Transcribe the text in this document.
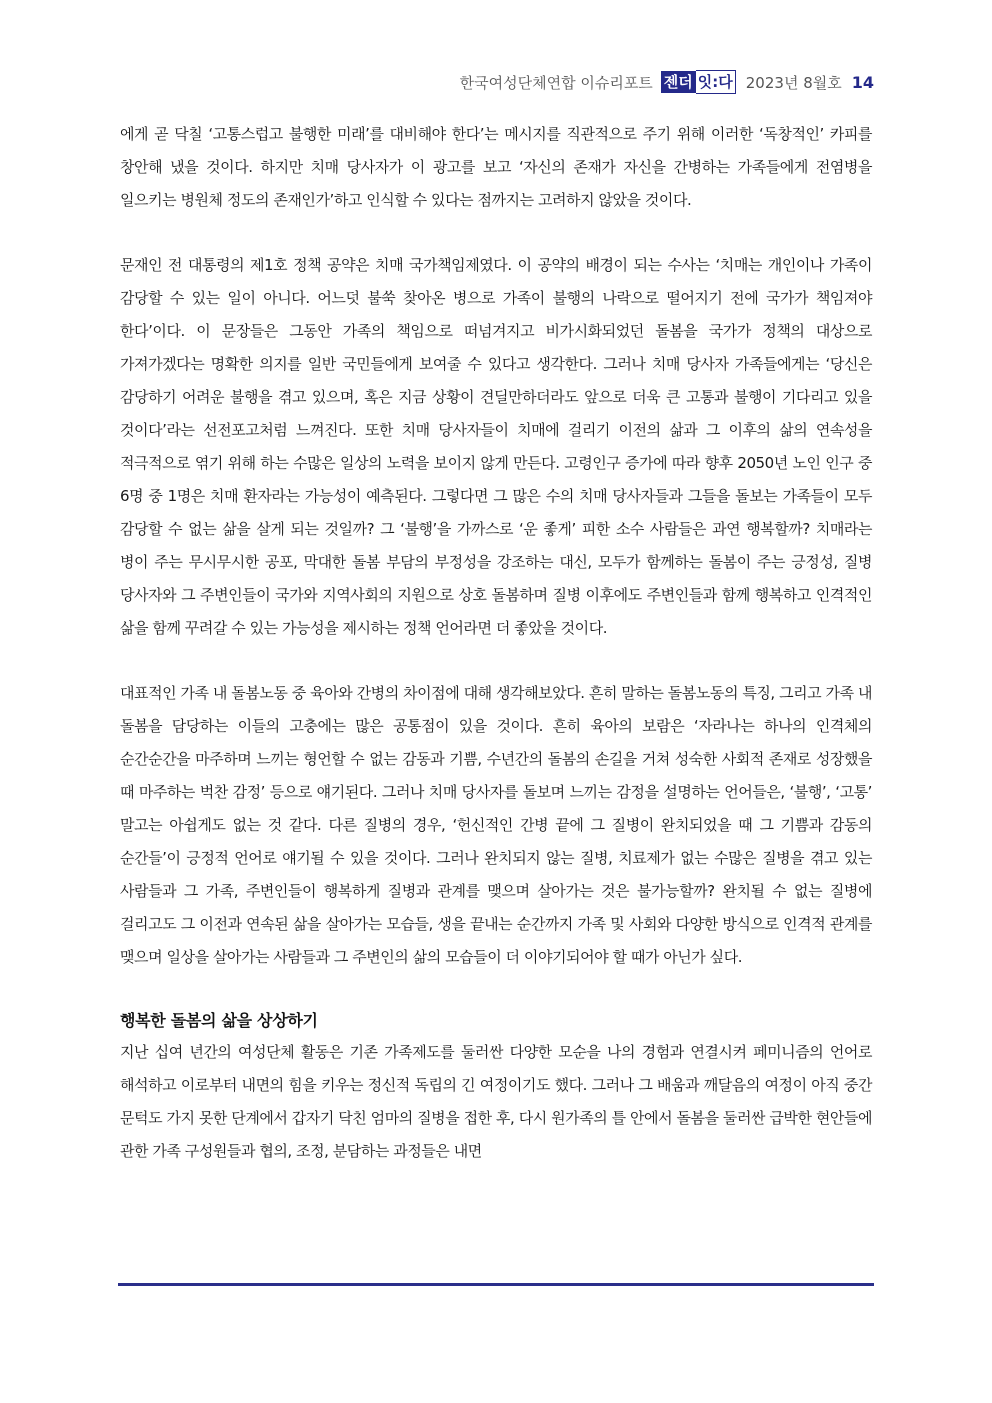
한국여성단체연합 이슈리포트 젠더 잇:다 2023년 8월호 14

에게 곧 닥칠 ‘고통스럽고 불행한 미래’를 대비해야 한다’는 메시지를 직관적으로 주기 위해 이러한 ‘독창적인’ 카피를 창안해 냈을 것이다. 하지만 치매 당사자가 이 광고를 보고 ‘자신의 존재가 자신을 간병하는 가족들에게 전염병을 일으키는 병원체 정도의 존재인가’하고 인식할 수 있다는 점까지는 고려하지 않았을 것이다.

문재인 전 대통령의 제1호 정책 공약은 치매 국가책임제였다. 이 공약의 배경이 되는 수사는 ‘치매는 개인이나 가족이 감당할 수 있는 일이 아니다. 어느덧 불쑥 찾아온 병으로 가족이 불행의 나락으로 떨어지기 전에 국가가 책임져야 한다’이다. 이 문장들은 그동안 가족의 책임으로 떠넘겨지고 비가시화되었던 돌봄을 국가가 정책의 대상으로 가져가겠다는 명확한 의지를 일반 국민들에게 보여줄 수 있다고 생각한다. 그러나 치매 당사자 가족들에게는 ‘당신은 감당하기 어려운 불행을 겪고 있으며, 혹은 지금 상황이 견딜만하더라도 앞으로 더욱 큰 고통과 불행이 기다리고 있을 것이다’라는 선전포고처럼 느껴진다. 또한 치매 당사자들이 치매에 걸리기 이전의 삶과 그 이후의 삶의 연속성을 적극적으로 엮기 위해 하는 수많은 일상의 노력을 보이지 않게 만든다. 고령인구 증가에 따라 향후 2050년 노인 인구 중 6명 중 1명은 치매 환자라는 가능성이 예측된다. 그렇다면 그 많은 수의 치매 당사자들과 그들을 돌보는 가족들이 모두 감당할 수 없는 삶을 살게 되는 것일까? 그 ‘불행’을 가까스로 ‘운 좋게’ 피한 소수 사람들은 과연 행복할까? 치매라는 병이 주는 무시무시한 공포, 막대한 돌봄 부담의 부정성을 강조하는 대신, 모두가 함께하는 돌봄이 주는 긍정성, 질병 당사자와 그 주변인들이 국가와 지역사회의 지원으로 상호 돌봄하며 질병 이후에도 주변인들과 함께 행복하고 인격적인 삶을 함께 꾸려갈 수 있는 가능성을 제시하는 정책 언어라면 더 좋았을 것이다.

대표적인 가족 내 돌봄노동 중 육아와 간병의 차이점에 대해 생각해보았다. 흔히 말하는 돌봄노동의 특징, 그리고 가족 내 돌봄을 담당하는 이들의 고충에는 많은 공통점이 있을 것이다. 흔히 육아의 보람은 ‘자라나는 하나의 인격체의 순간순간을 마주하며 느끼는 형언할 수 없는 감동과 기쁨, 수년간의 돌봄의 손길을 거쳐 성숙한 사회적 존재로 성장했을 때 마주하는 벅찬 감정’ 등으로 얘기된다. 그러나 치매 당사자를 돌보며 느끼는 감정을 설명하는 언어들은, ‘불행’, ‘고통’ 말고는 아쉽게도 없는 것 같다. 다른 질병의 경우, ‘헌신적인 간병 끝에 그 질병이 완치되었을 때 그 기쁨과 감동의 순간들’이 긍정적 언어로 얘기될 수 있을 것이다. 그러나 완치되지 않는 질병, 치료제가 없는 수많은 질병을 겪고 있는 사람들과 그 가족, 주변인들이 행복하게 질병과 관계를 맺으며 살아가는 것은 불가능할까? 완치될 수 없는 질병에 걸리고도 그 이전과 연속된 삶을 살아가는 모습들, 생을 끝내는 순간까지 가족 및 사회와 다양한 방식으로 인격적 관계를 맺으며 일상을 살아가는 사람들과 그 주변인의 삶의 모습들이 더 이야기되어야 할 때가 아닌가 싶다.

행복한 돌봄의 삶을 상상하기

지난 십여 년간의 여성단체 활동은 기존 가족제도를 둘러싼 다양한 모순을 나의 경험과 연결시켜 페미니즘의 언어로 해석하고 이로부터 내면의 힘을 키우는 정신적 독립의 긴 여정이기도 했다. 그러나 그 배움과 깨달음의 여정이 아직 중간 문턱도 가지 못한 단계에서 갑자기 닥친 엄마의 질병을 접한 후, 다시 원가족의 틀 안에서 돌봄을 둘러싼 급박한 현안들에 관한 가족 구성원들과 협의, 조정, 분담하는 과정들은 내면
